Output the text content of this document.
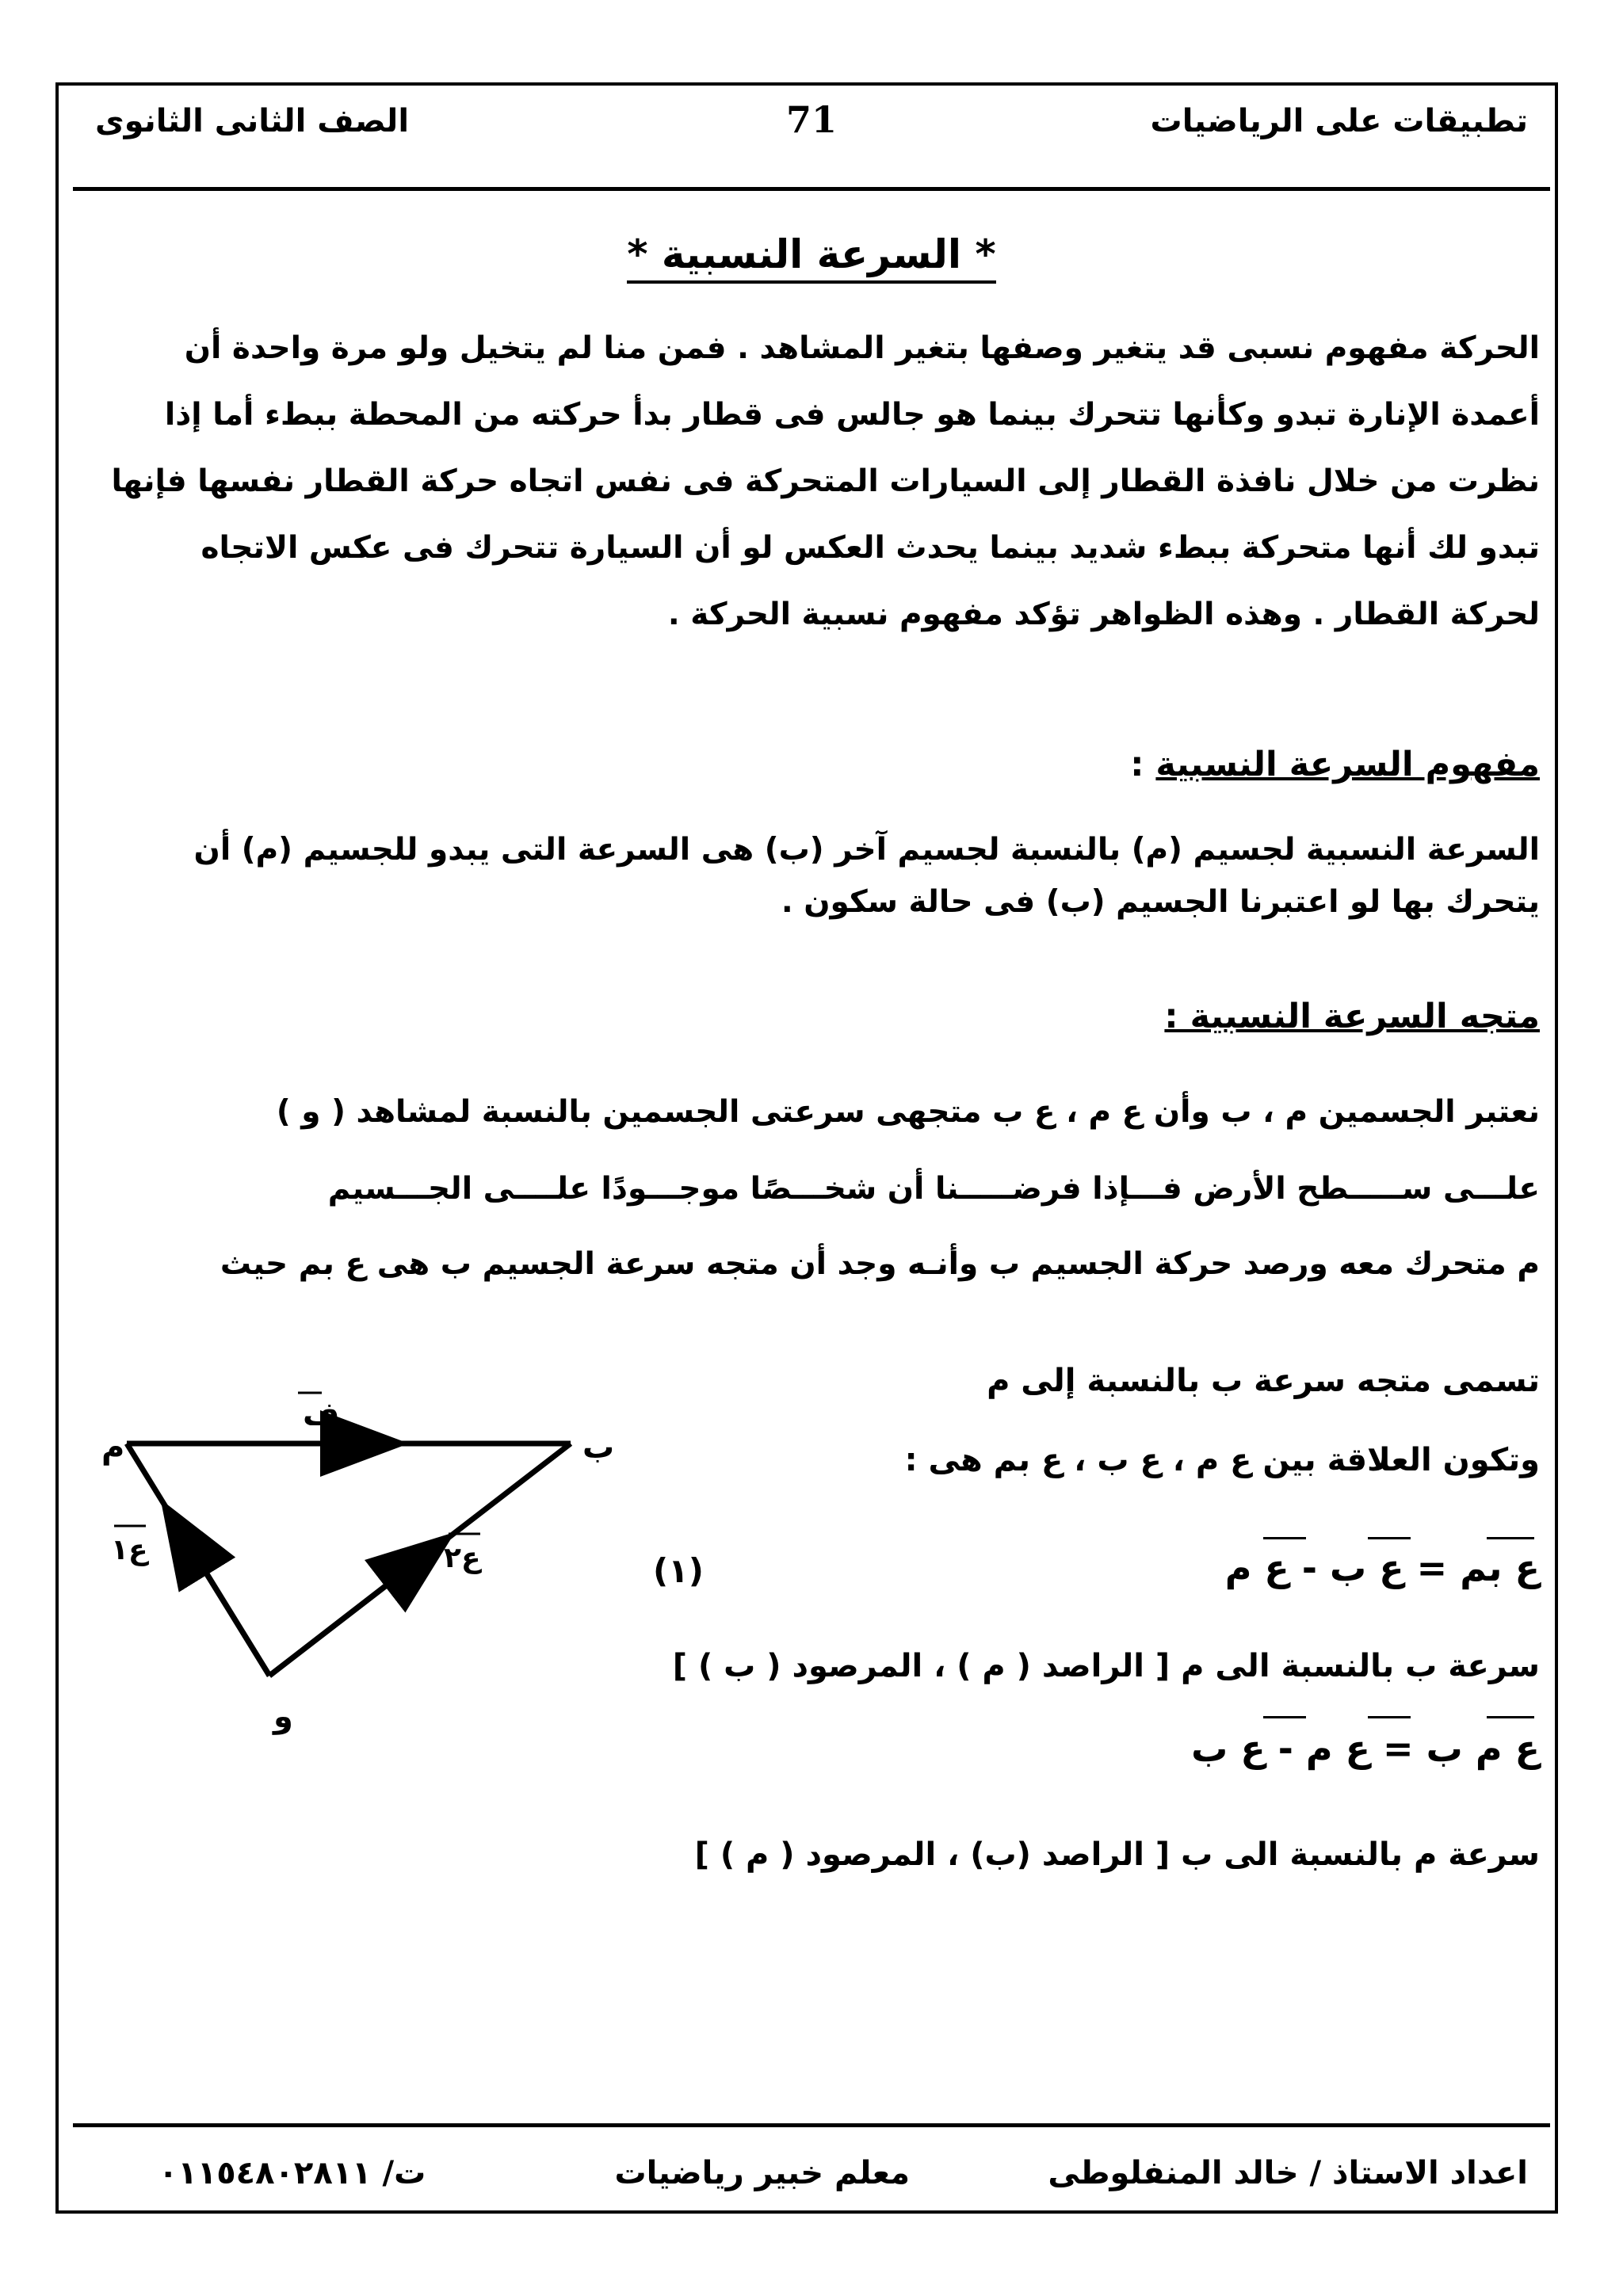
الصف الثانى الثانوى	71	تطبيقات على الرياضيات
* السرعة النسبية *
الحركة مفهوم نسبى قد يتغير وصفها بتغير المشاهد . فمن منا لم يتخيل ولو مرة واحدة أن
أعمدة الإنارة تبدو وكأنها تتحرك بينما هو جالس فى قطار بدأ حركته من المحطة ببطء أما إذا
نظرت من خلال نافذة القطار إلى السيارات المتحركة فى نفس اتجاه حركة القطار نفسها فإنها
تبدو لك أنها متحركة ببطء شديد بينما يحدث العكس لو أن السيارة تتحرك فى عكس الاتجاه
لحركة القطار . وهذه الظواهر تؤكد مفهوم نسبية الحركة .
مفهوم السرعة النسبية :
السرعة النسبية لجسيم (م) بالنسبة لجسيم آخر (ب) هى السرعة التى يبدو للجسيم (م) أن
يتحرك بها لو اعتبرنا الجسيم (ب) فى حالة سكون .
متجه السرعة النسبية :
نعتبر الجسمين م ، ب وأن ع م ، ع ب متجهى سرعتى الجسمين بالنسبة لمشاهد ( و )
علـــى ســـــطح الأرض فـــإذا فرضـــــنا أن شخـــصًا موجـــودًا علــــى الجـــسيم
م متحرك معه ورصد حركة الجسيم ب وأنـه وجد أن متجه سرعة الجسيم ب هى ع بم حيث
تسمى متجه سرعة ب بالنسبة إلى م
وتكون العلاقة بين ع م ، ع ب ، ع بم هى :
(١)	ع بم = ع ب - ع م
سرعة ب بالنسبة الى م [ الراصد ( م ) ، المرصود ( ب ) ]
ع م ب = ع م - ع ب
سرعة م بالنسبة الى ب [ الراصد (ب) ، المرصود ( م ) ]
م	ب
و
ف
ع١	ع٢
اعداد الاستاذ / خالد المنفلوطى
معلم خبير رياضيات
ت/ ٠١١٥٤٨٠٢٨١١
